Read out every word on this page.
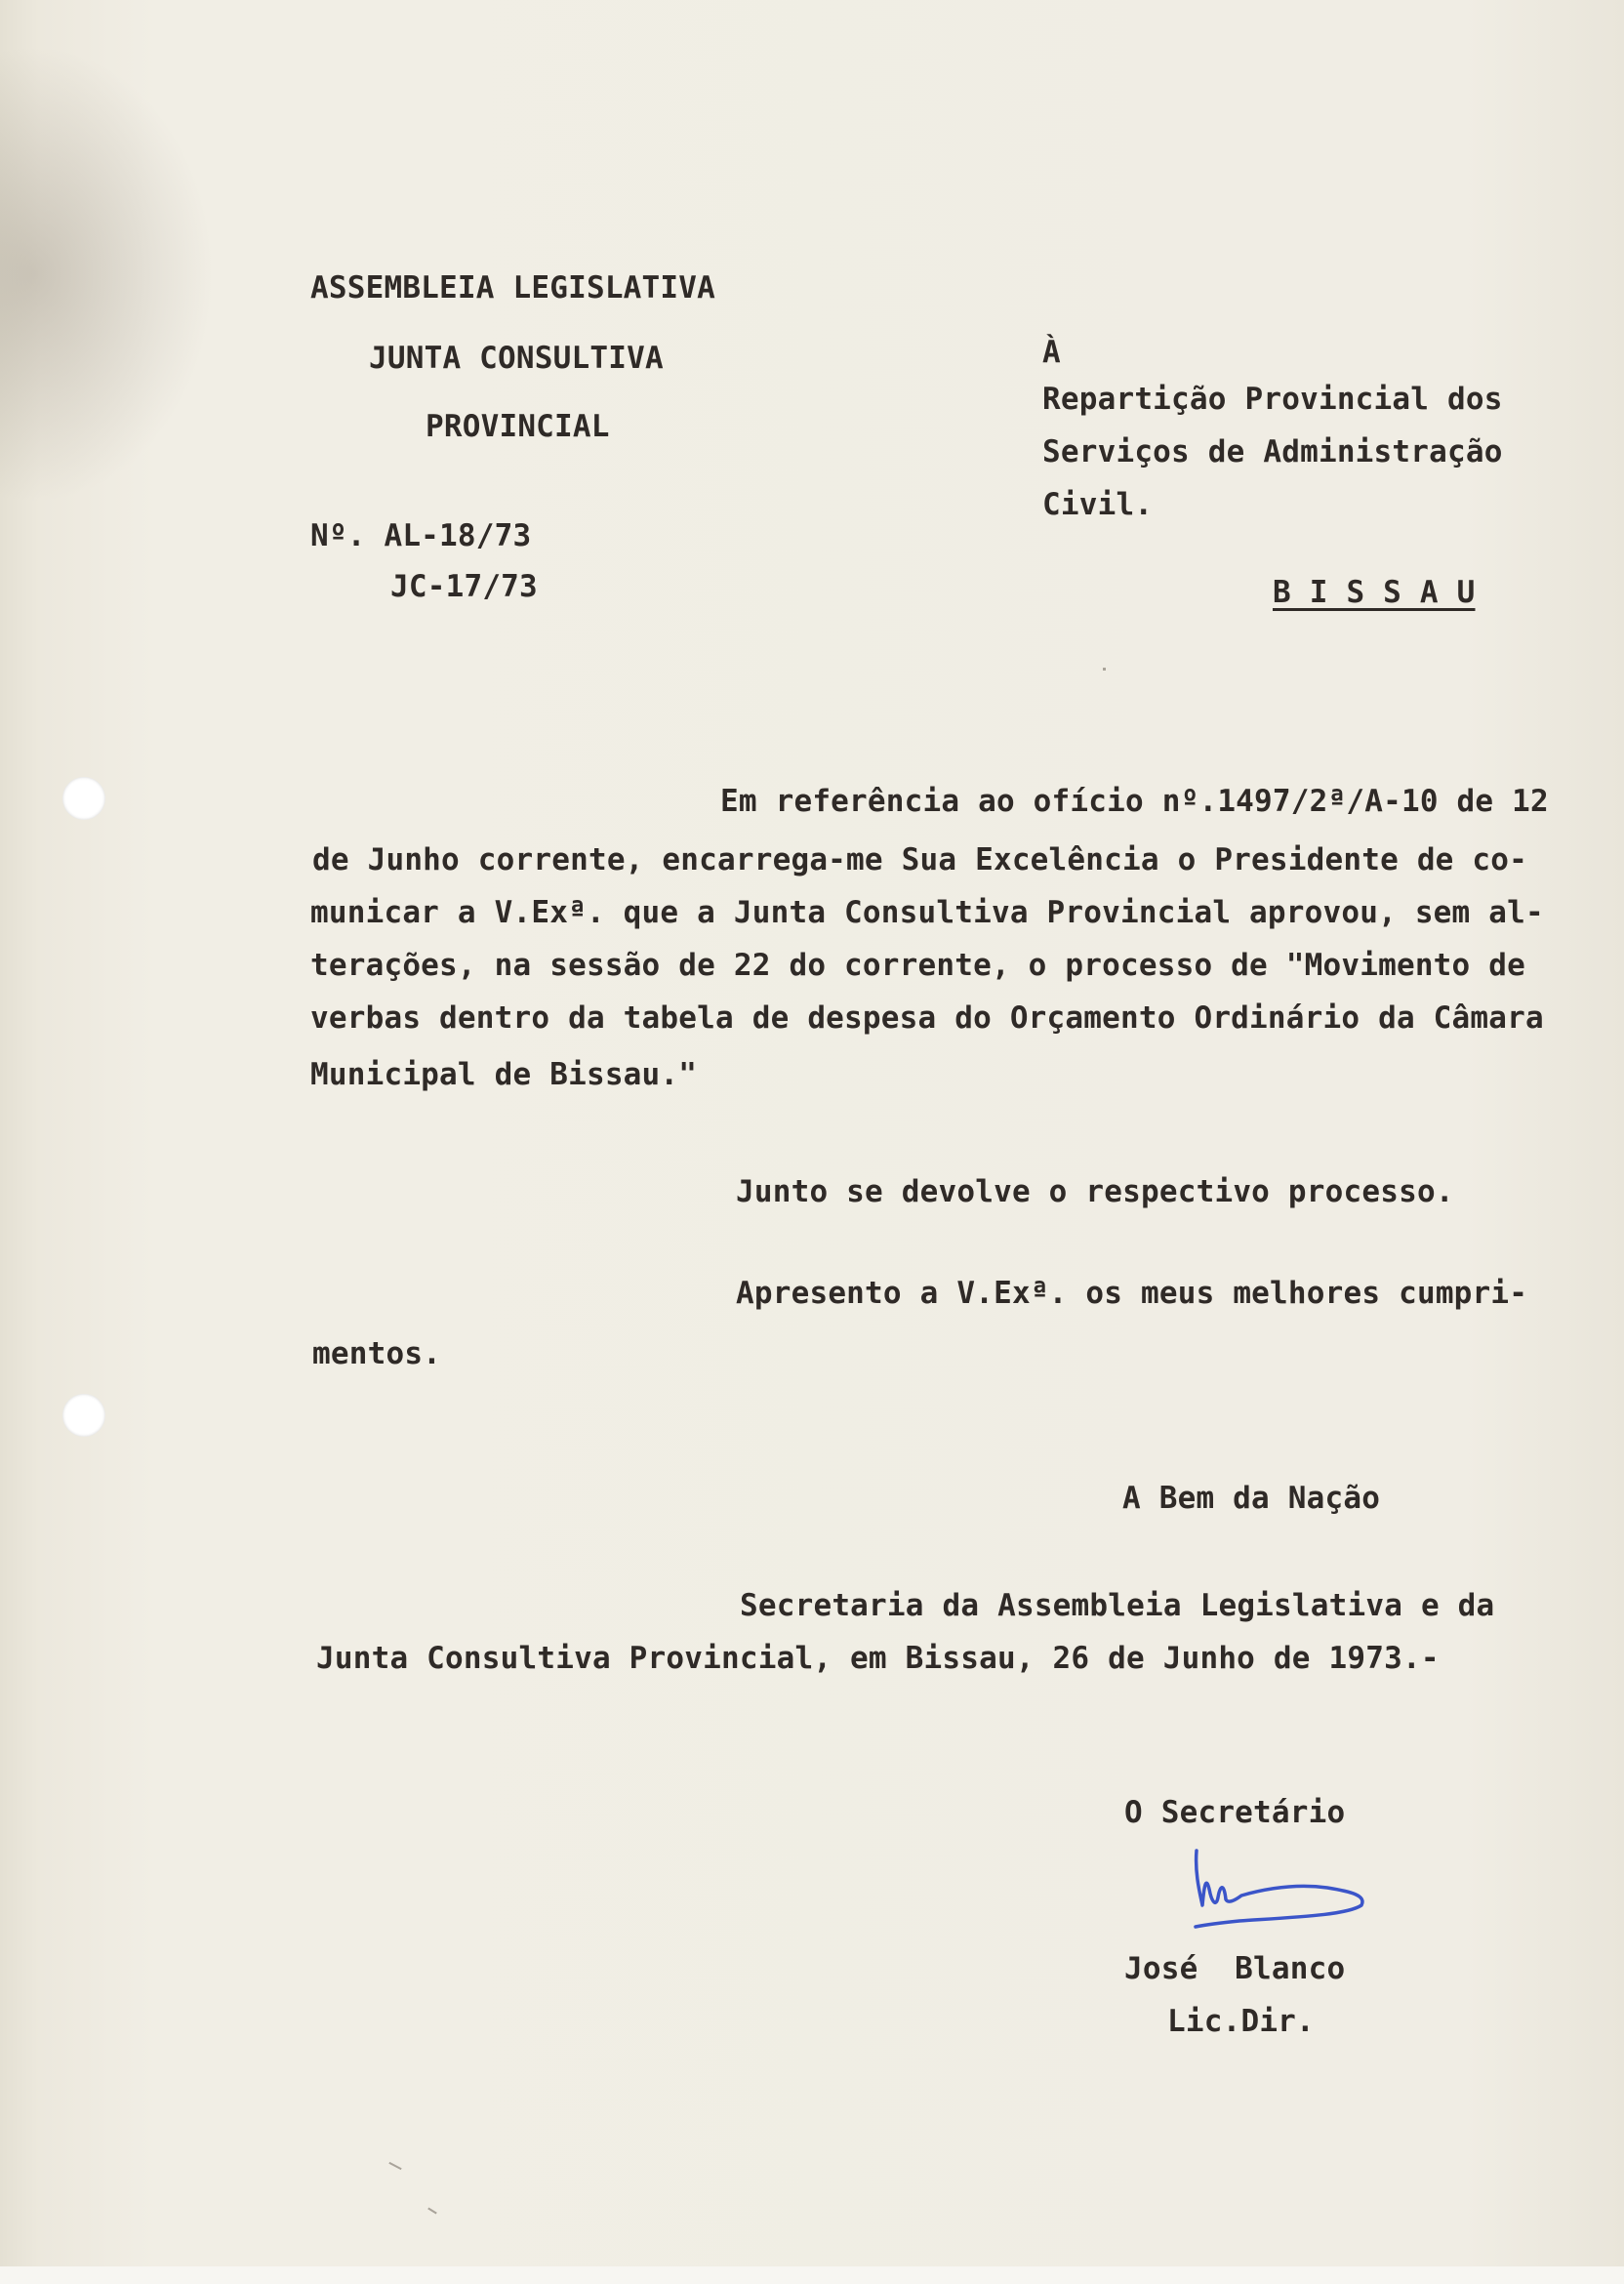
ASSEMBLEIA LEGISLATIVA
JUNTA CONSULTIVA
PROVINCIAL
Nº. AL-18/73
JC-17/73
À
Repartição Provincial dos
Serviços de Administração
Civil.
B I S S A U
Em referência ao ofício nº.1497/2ª/A-10 de 12
de Junho corrente, encarrega-me Sua Excelência o Presidente de co-
municar a V.Exª. que a Junta Consultiva Provincial aprovou, sem al-
terações, na sessão de 22 do corrente, o processo de "Movimento de
verbas dentro da tabela de despesa do Orçamento Ordinário da Câmara
Municipal de Bissau."
Junto se devolve o respectivo processo.
Apresento a V.Exª. os meus melhores cumpri-
mentos.
A Bem da Nação
Secretaria da Assembleia Legislativa e da
Junta Consultiva Provincial, em Bissau, 26 de Junho de 1973.-
O Secretário
José  Blanco
Lic.Dir.
